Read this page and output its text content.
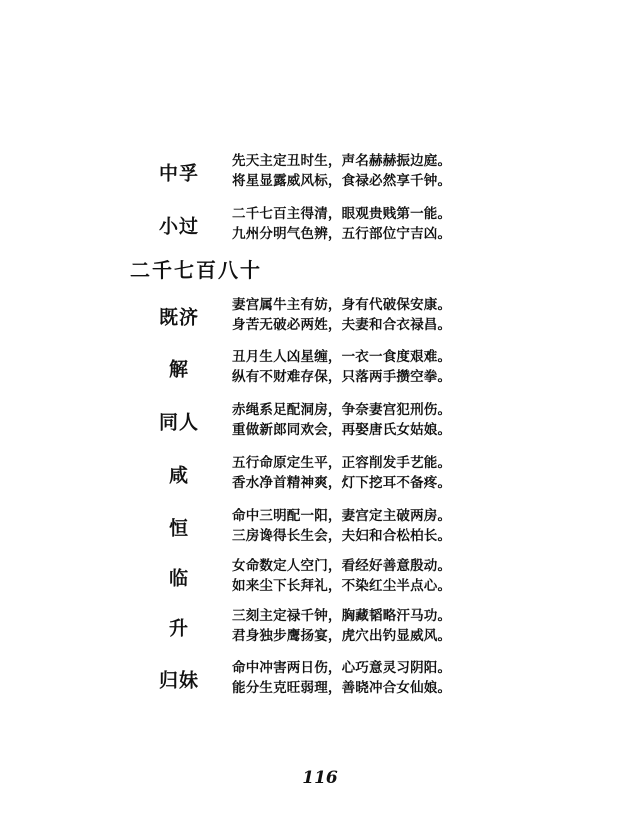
中孚
先天主定丑时生，声名赫赫振边庭。
将星显露威风标，食禄必然享千钟。
小过
二千七百主得清，眼观贵贱第一能。
九州分明气色辨，五行部位宁吉凶。
二千七百八十
既济
妻宫属牛主有妨，身有代破保安康。
身苦无破必两姓，夫妻和合衣禄昌。
解
丑月生人凶星缠，一衣一食度艰难。
纵有不财难存保，只落两手攒空拳。
同人
赤绳系足配洞房，争奈妻宫犯刑伤。
重做新郎同欢会，再娶唐氏女姑娘。
咸
五行命原定生平，正容削发手艺能。
香水净首精神爽，灯下挖耳不备疼。
恒
命中三明配一阳，妻宫定主破两房。
三房谗得长生会，夫妇和合松柏长。
临
女命数定人空门，看经好善意殷动。
如来尘下长拜礼，不染红尘半点心。
升
三刻主定禄千钟，胸藏韬略汗马功。
君身独步鹰扬宴，虎穴出钓显威风。
归妹
命中冲害两日伤，心巧意灵习阴阳。
能分生克旺弱理，善晓冲合女仙娘。
116
